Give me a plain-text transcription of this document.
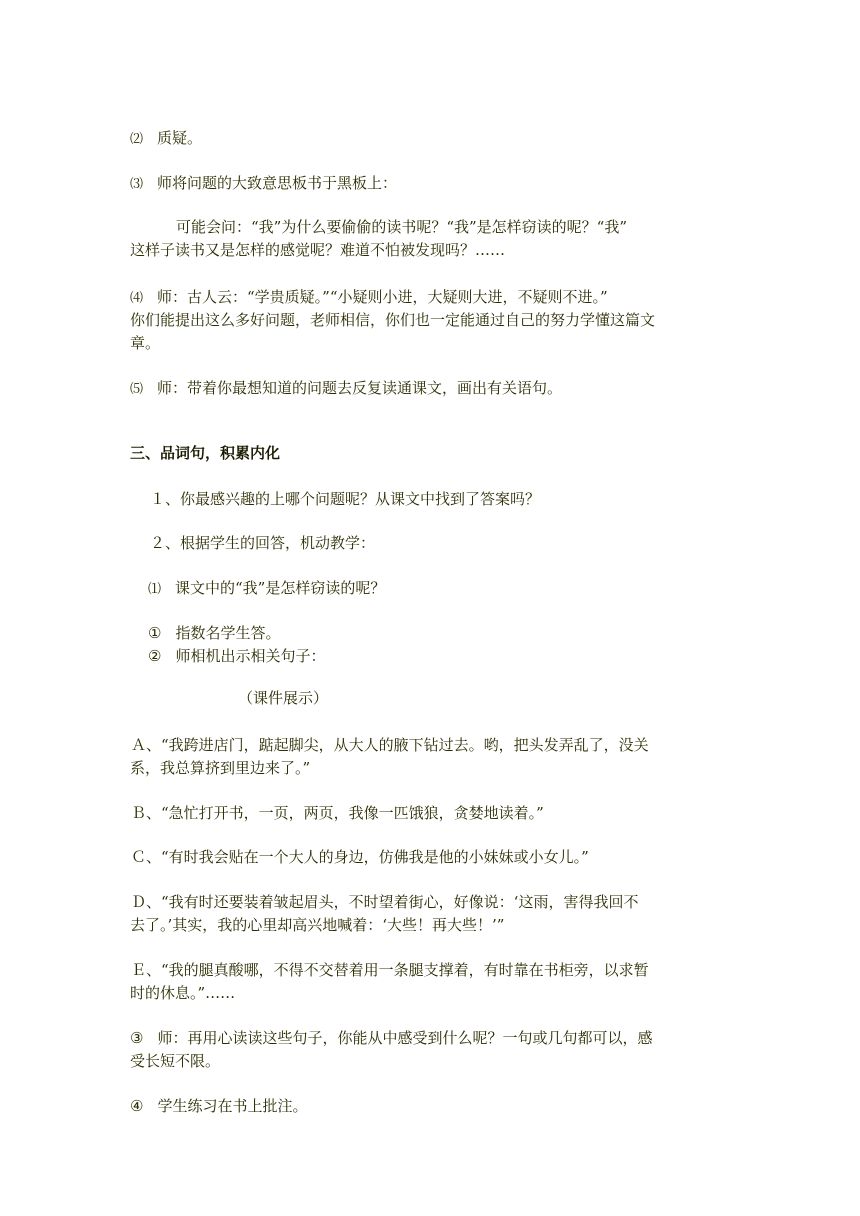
⑵ 质疑。
⑶ 师将问题的大致意思板书于黑板上：
可能会问：“我”为什么要偷偷的读书呢？“我”是怎样窃读的呢？“我”
这样子读书又是怎样的感觉呢？难道不怕被发现吗？……
⑷ 师：古人云：“学贵质疑。”“小疑则小进，大疑则大进，不疑则不进。”
你们能提出这么多好问题，老师相信，你们也一定能通过自己的努力学懂这篇文
章。
⑸ 师：带着你最想知道的问题去反复读通课文，画出有关语句。
三、品词句，积累内化
１、你最感兴趣的上哪个问题呢？从课文中找到了答案吗？
２、根据学生的回答，机动教学：
⑴ 课文中的“我”是怎样窃读的呢？
① 指数名学生答。
② 师相机出示相关句子：
（课件展示）
Ａ、“我跨进店门，踮起脚尖，从大人的腋下钻过去。哟，把头发弄乱了，没关
系，我总算挤到里边来了。”
Ｂ、“急忙打开书，一页，两页，我像一匹饿狼，贪婪地读着。”
Ｃ、“有时我会贴在一个大人的身边，仿佛我是他的小妹妹或小女儿。”
Ｄ、“我有时还要装着皱起眉头，不时望着街心，好像说：‘这雨，害得我回不
去了。’其实，我的心里却高兴地喊着：‘大些！再大些！’”
Ｅ、“我的腿真酸哪，不得不交替着用一条腿支撑着，有时靠在书柜旁，以求暂
时的休息。”……
③ 师：再用心读读这些句子，你能从中感受到什么呢？一句或几句都可以，感
受长短不限。
④ 学生练习在书上批注。
